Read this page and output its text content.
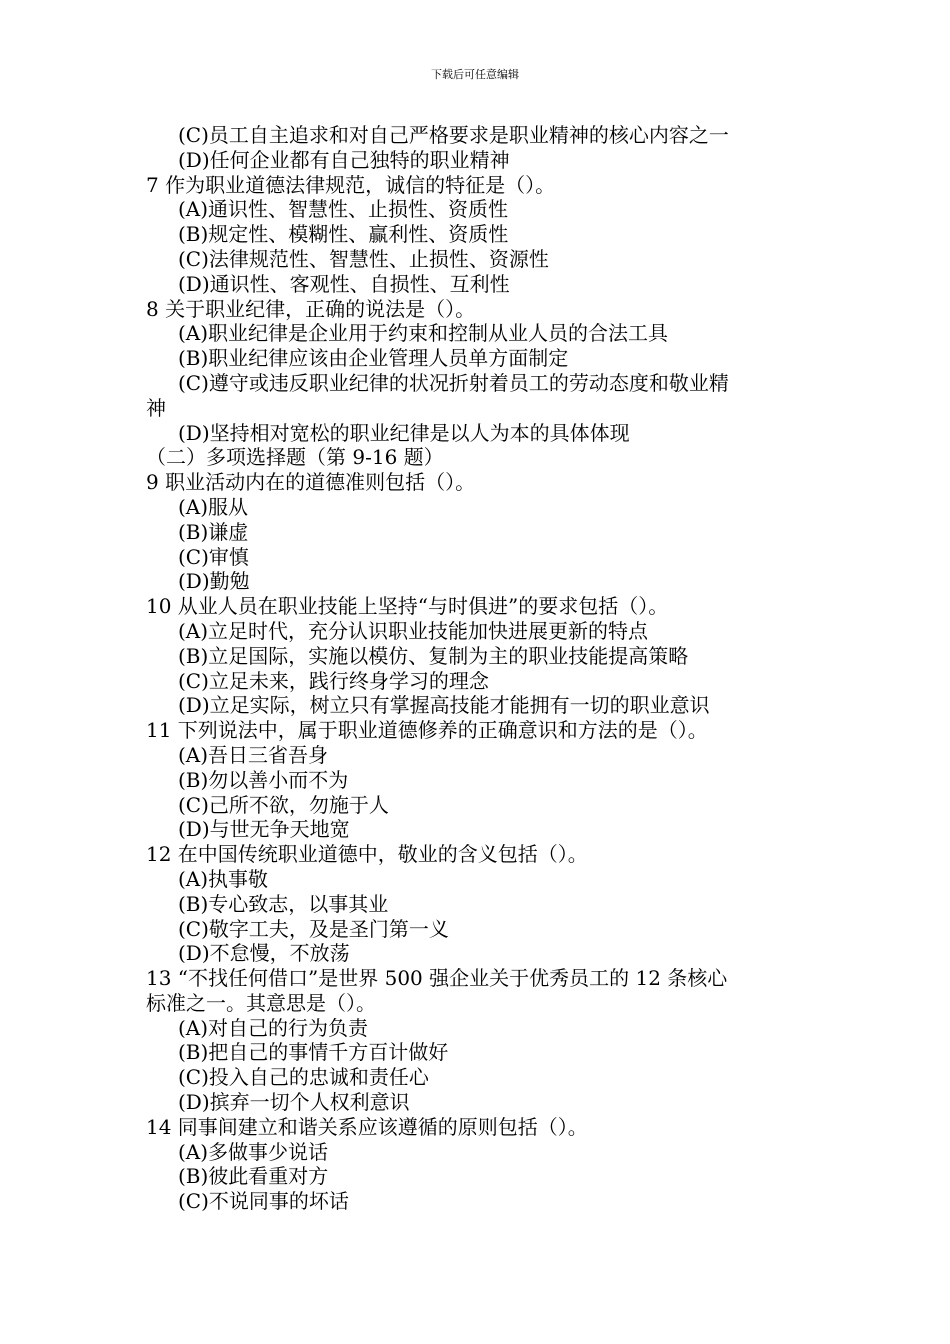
下载后可任意编辑
(C)员工自主追求和对自己严格要求是职业精神的核心内容之一
(D)任何企业都有自己独特的职业精神
7 作为职业道德法律规范，诚信的特征是（）。
(A)通识性、智慧性、止损性、资质性
(B)规定性、模糊性、赢利性、资质性
(C)法律规范性、智慧性、止损性、资源性
(D)通识性、客观性、自损性、互利性
8 关于职业纪律，正确的说法是（）。
(A)职业纪律是企业用于约束和控制从业人员的合法工具
(B)职业纪律应该由企业管理人员单方面制定
(C)遵守或违反职业纪律的状况折射着员工的劳动态度和敬业精
神
(D)坚持相对宽松的职业纪律是以人为本的具体体现
（二）多项选择题（第 9-16 题）
9 职业活动内在的道德准则包括（）。
(A)服从
(B)谦虚
(C)审慎
(D)勤勉
10 从业人员在职业技能上坚持“与时俱进”的要求包括（）。
(A)立足时代，充分认识职业技能加快进展更新的特点
(B)立足国际，实施以模仿、复制为主的职业技能提高策略
(C)立足未来，践行终身学习的理念
(D)立足实际，树立只有掌握高技能才能拥有一切的职业意识
11 下列说法中，属于职业道德修养的正确意识和方法的是（）。
(A)吾日三省吾身
(B)勿以善小而不为
(C)己所不欲，勿施于人
(D)与世无争天地宽
12 在中国传统职业道德中，敬业的含义包括（）。
(A)执事敬
(B)专心致志，以事其业
(C)敬字工夫，及是圣门第一义
(D)不怠慢，不放荡
13 “不找任何借口”是世界 500 强企业关于优秀员工的 12 条核心
标准之一。其意思是（）。
(A)对自己的行为负责
(B)把自己的事情千方百计做好
(C)投入自己的忠诚和责任心
(D)摈弃一切个人权利意识
14 同事间建立和谐关系应该遵循的原则包括（）。
(A)多做事少说话
(B)彼此看重对方
(C)不说同事的坏话
